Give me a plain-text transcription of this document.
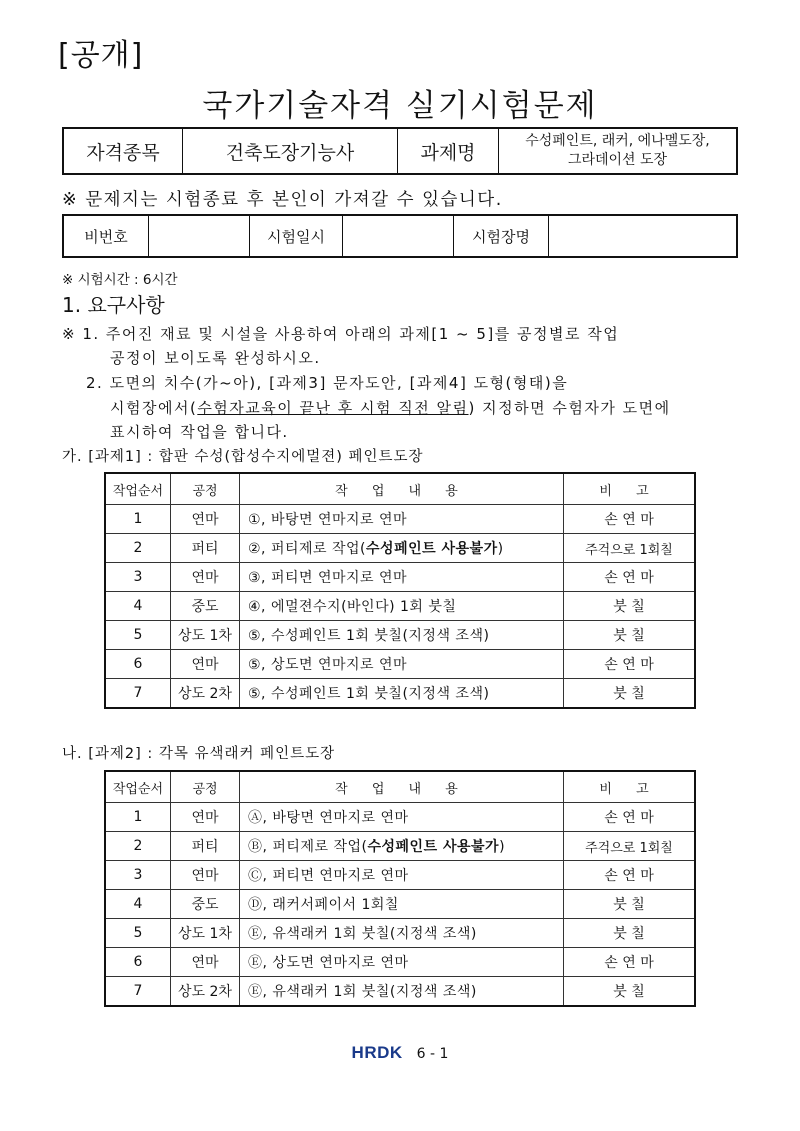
[공개]
국가기술자격 실기시험문제
자격종목	건축도장기능사	과제명	
수성페인트, 래커, 에나멜도장,
그라데이션 도장
※ 문제지는 시험종료 후 본인이 가져갈 수 있습니다.
비번호		시험일시		시험장명	
※ 시험시간 : 6시간
1. 요구사항
※ 1. 주어진 재료 및 시설을 사용하여 아래의 과제[1 ~ 5]를 공정별로 작업
공정이 보이도록 완성하시오.
2. 도면의 치수(가~아), [과제3] 문자도안, [과제4] 도형(형태)을
시험장에서(수험자교육이 끝난 후 시험 직전 알림) 지정하면 수험자가 도면에
표시하여 작업을 합니다.
가. [과제1] : 합판 수성(합성수지에멀젼) 페인트도장
작업순서	공정	작 업 내 용	비 고
1	연마	①, 바탕면 연마지로 연마	손 연 마
2	퍼티	②, 퍼티제로 작업(수성페인트 사용불가)	주걱으로 1회칠
3	연마	③, 퍼티면 연마지로 연마	손 연 마
4	중도	④, 에멀젼수지(바인다) 1회 붓칠	붓 칠
5	상도 1차	⑤, 수성페인트 1회 붓칠(지정색 조색)	붓 칠
6	연마	⑤, 상도면 연마지로 연마	손 연 마
7	상도 2차	⑤, 수성페인트 1회 붓칠(지정색 조색)	붓 칠
나. [과제2] : 각목 유색래커 페인트도장
작업순서	공정	작 업 내 용	비 고
1	연마	Ⓐ, 바탕면 연마지로 연마	손 연 마
2	퍼티	Ⓑ, 퍼티제로 작업(수성페인트 사용불가)	주걱으로 1회칠
3	연마	Ⓒ, 퍼티면 연마지로 연마	손 연 마
4	중도	Ⓓ, 래커서페이서 1회칠	붓 칠
5	상도 1차	Ⓔ, 유색래커 1회 붓칠(지정색 조색)	붓 칠
6	연마	Ⓔ, 상도면 연마지로 연마	손 연 마
7	상도 2차	Ⓔ, 유색래커 1회 붓칠(지정색 조색)	붓 칠
HRDK 6 - 1
